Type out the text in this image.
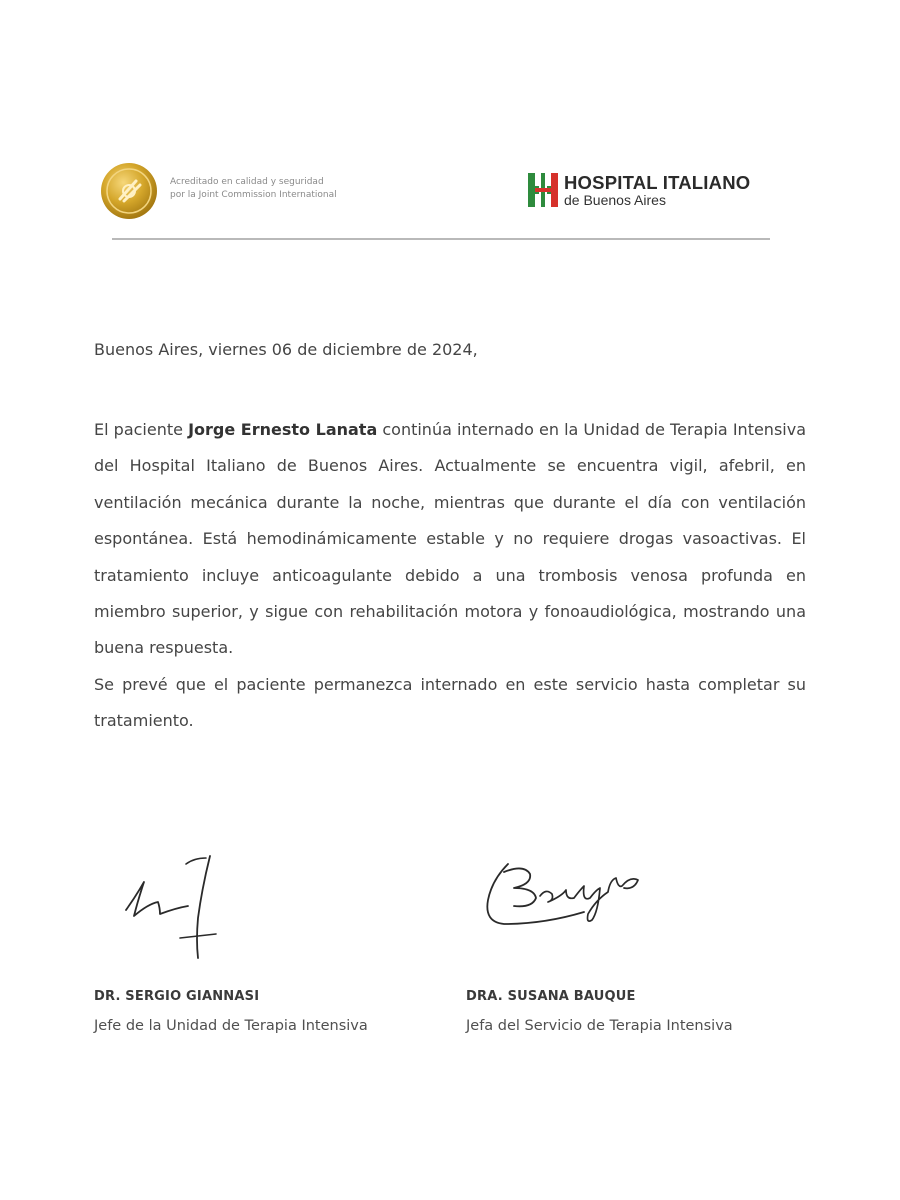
Acreditado en calidad y seguridad
por la Joint Commission International
HOSPITAL ITALIANO
de Buenos Aires
Buenos Aires, viernes 06 de diciembre de 2024,

El paciente Jorge Ernesto Lanata continúa internado en la Unidad de Terapia Intensiva del Hospital Italiano de Buenos Aires. Actualmente se encuentra vigil, afebril, en ventilación mecánica durante la noche, mientras que durante el día con ventilación espontánea. Está hemodinámicamente estable y no requiere drogas vasoactivas. El tratamiento incluye anticoagulante debido a una trombosis venosa profunda en miembro superior, y sigue con rehabilitación motora y fonoaudiológica, mostrando una buena respuesta.

Se prevé que el paciente permanezca internado en este servicio hasta completar su tratamiento.

DR. SERGIO GIANNASI
Jefe de la Unidad de Terapia Intensiva
DRA. SUSANA BAUQUE
Jefa del Servicio de Terapia Intensiva
